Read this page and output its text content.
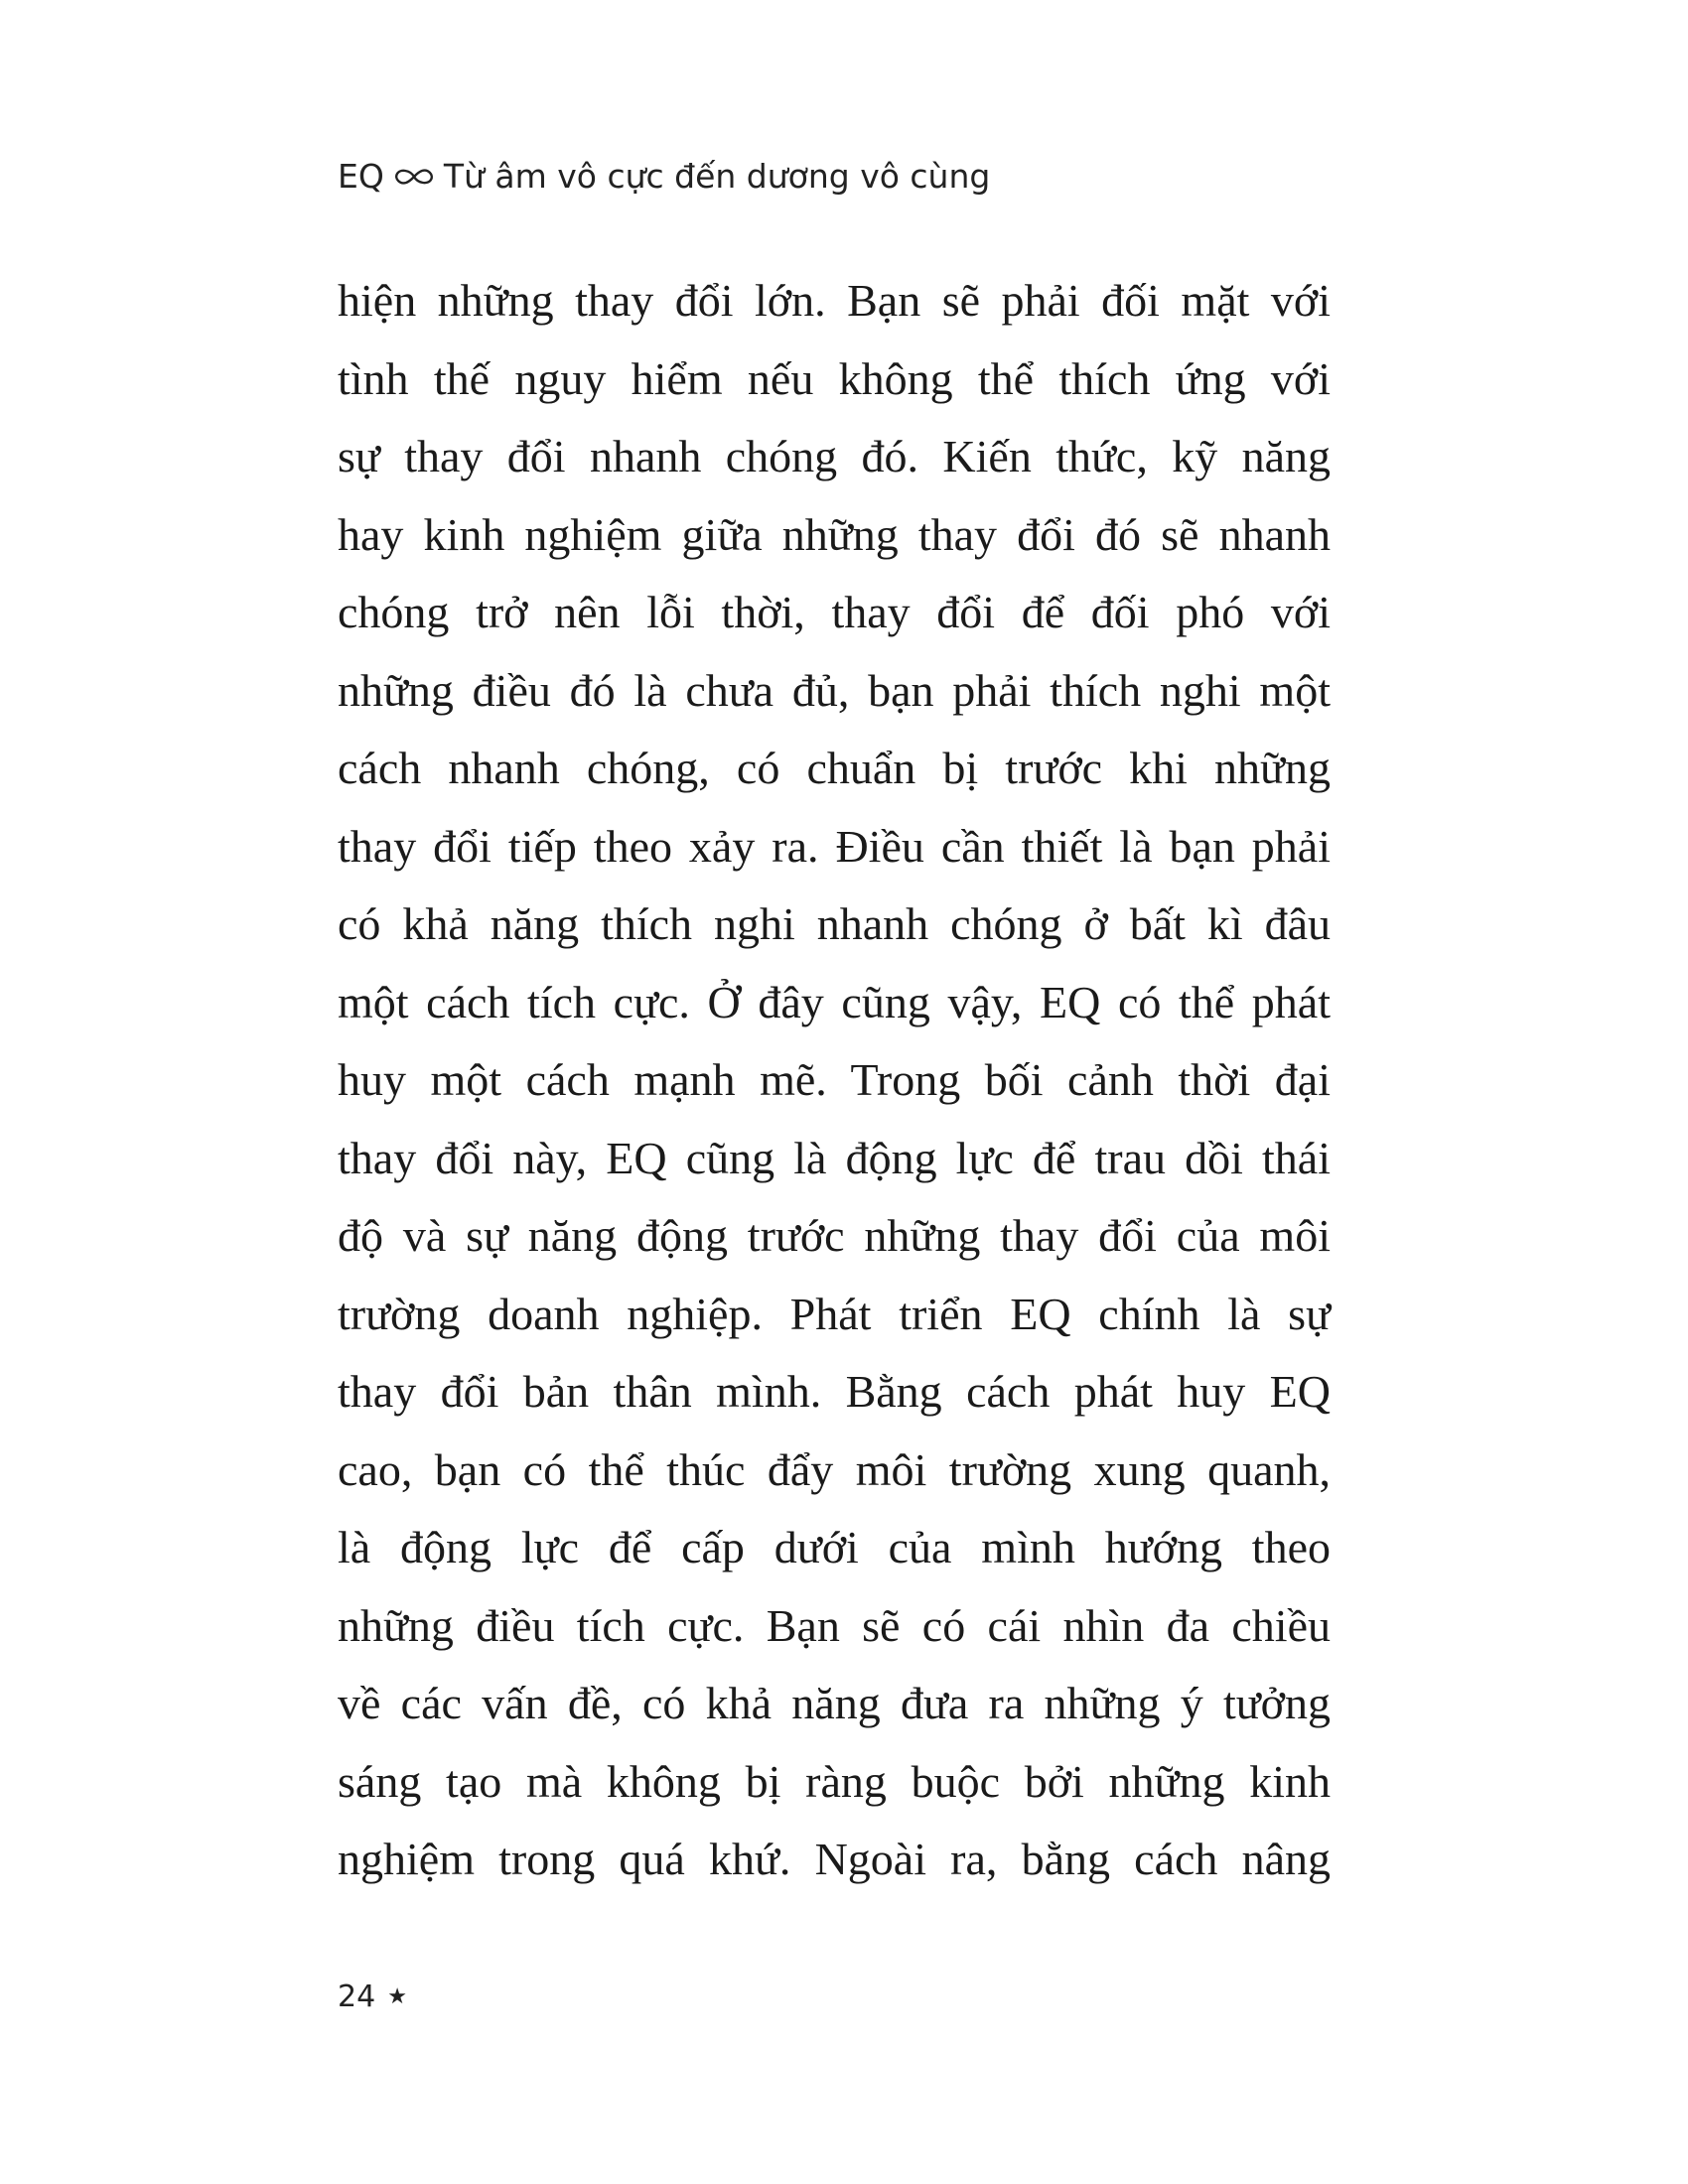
EQ Từ âm vô cực đến dương vô cùng
hiện những thay đổi lớn. Bạn sẽ phải đối mặt với
tình thế nguy hiểm nếu không thể thích ứng với
sự thay đổi nhanh chóng đó. Kiến thức, kỹ năng
hay kinh nghiệm giữa những thay đổi đó sẽ nhanh
chóng trở nên lỗi thời, thay đổi để đối phó với
những điều đó là chưa đủ, bạn phải thích nghi một
cách nhanh chóng, có chuẩn bị trước khi những
thay đổi tiếp theo xảy ra. Điều cần thiết là bạn phải
có khả năng thích nghi nhanh chóng ở bất kì đâu
một cách tích cực. Ở đây cũng vậy, EQ có thể phát
huy một cách mạnh mẽ. Trong bối cảnh thời đại
thay đổi này, EQ cũng là động lực để trau dồi thái
độ và sự năng động trước những thay đổi của môi
trường doanh nghiệp. Phát triển EQ chính là sự
thay đổi bản thân mình. Bằng cách phát huy EQ
cao, bạn có thể thúc đẩy môi trường xung quanh,
là động lực để cấp dưới của mình hướng theo
những điều tích cực. Bạn sẽ có cái nhìn đa chiều
về các vấn đề, có khả năng đưa ra những ý tưởng
sáng tạo mà không bị ràng buộc bởi những kinh
nghiệm trong quá khứ. Ngoài ra, bằng cách nâng
24 ★
